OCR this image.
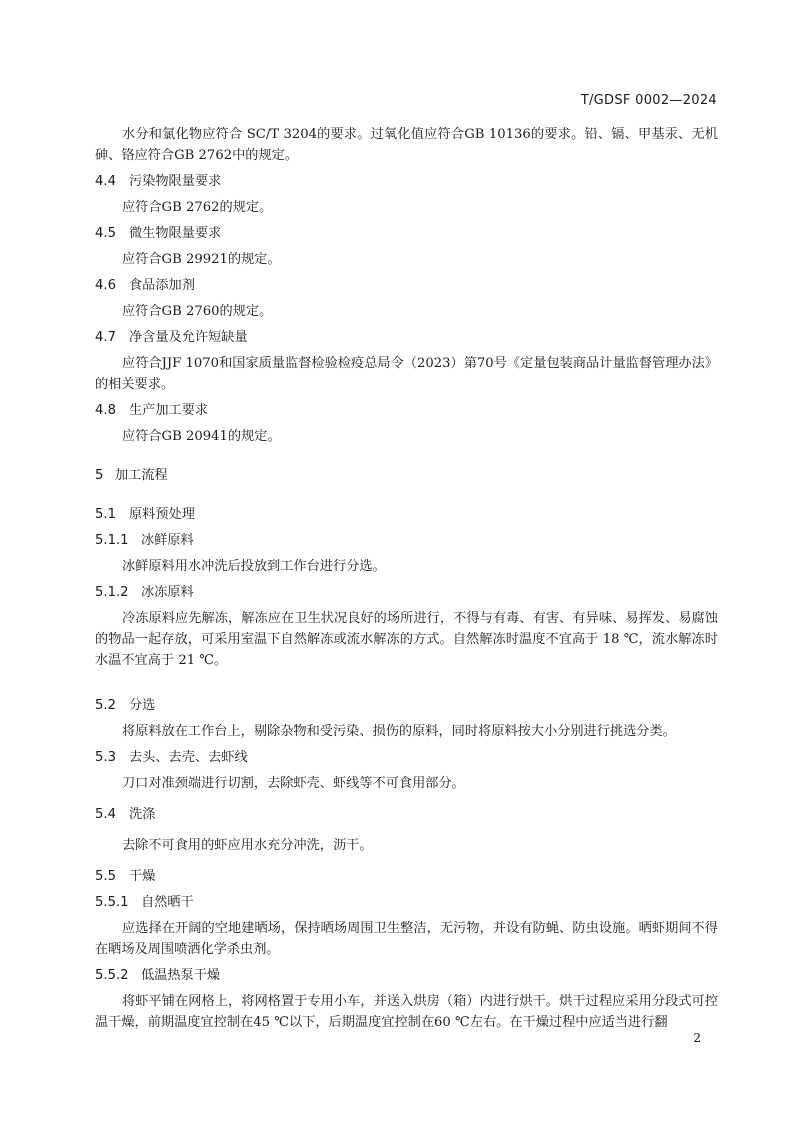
T/GDSF 0002—2024

水分和氯化物应符合 SC/T 3204的要求。过氧化值应符合GB 10136的要求。铅、镉、甲基汞、无机砷、铬应符合GB 2762中的规定。

4.4 污染物限量要求

应符合GB 2762的规定。

4.5 微生物限量要求

应符合GB 29921的规定。

4.6 食品添加剂

应符合GB 2760的规定。

4.7 净含量及允许短缺量

应符合JJF 1070和国家质量监督检验检疫总局令（2023）第70号《定量包装商品计量监督管理办法》的相关要求。

4.8 生产加工要求

应符合GB 20941的规定。

5 加工流程

5.1 原料预处理

5.1.1 冰鲜原料

冰鲜原料用水冲洗后投放到工作台进行分选。

5.1.2 冰冻原料

冷冻原料应先解冻，解冻应在卫生状况良好的场所进行，不得与有毒、有害、有异味、易挥发、易腐蚀的物品一起存放，可采用室温下自然解冻或流水解冻的方式。自然解冻时温度不宜高于 18 ℃，流水解冻时水温不宜高于 21 ℃。

5.2 分选

将原料放在工作台上，剔除杂物和受污染、损伤的原料，同时将原料按大小分别进行挑选分类。

5.3 去头、去壳、去虾线

刀口对准颈端进行切割，去除虾壳、虾线等不可食用部分。

5.4 洗涤

去除不可食用的虾应用水充分冲洗，沥干。

5.5 干燥

5.5.1 自然晒干

应选择在开阔的空地建晒场，保持晒场周围卫生整洁，无污物，并设有防蝇、防虫设施。晒虾期间不得在晒场及周围喷洒化学杀虫剂。

5.5.2 低温热泵干燥

将虾平铺在网格上，将网格置于专用小车，并送入烘房（箱）内进行烘干。烘干过程应采用分段式可控温干燥，前期温度宜控制在45 ℃以下，后期温度宜控制在60 ℃左右。在干燥过程中应适当进行翻

2
